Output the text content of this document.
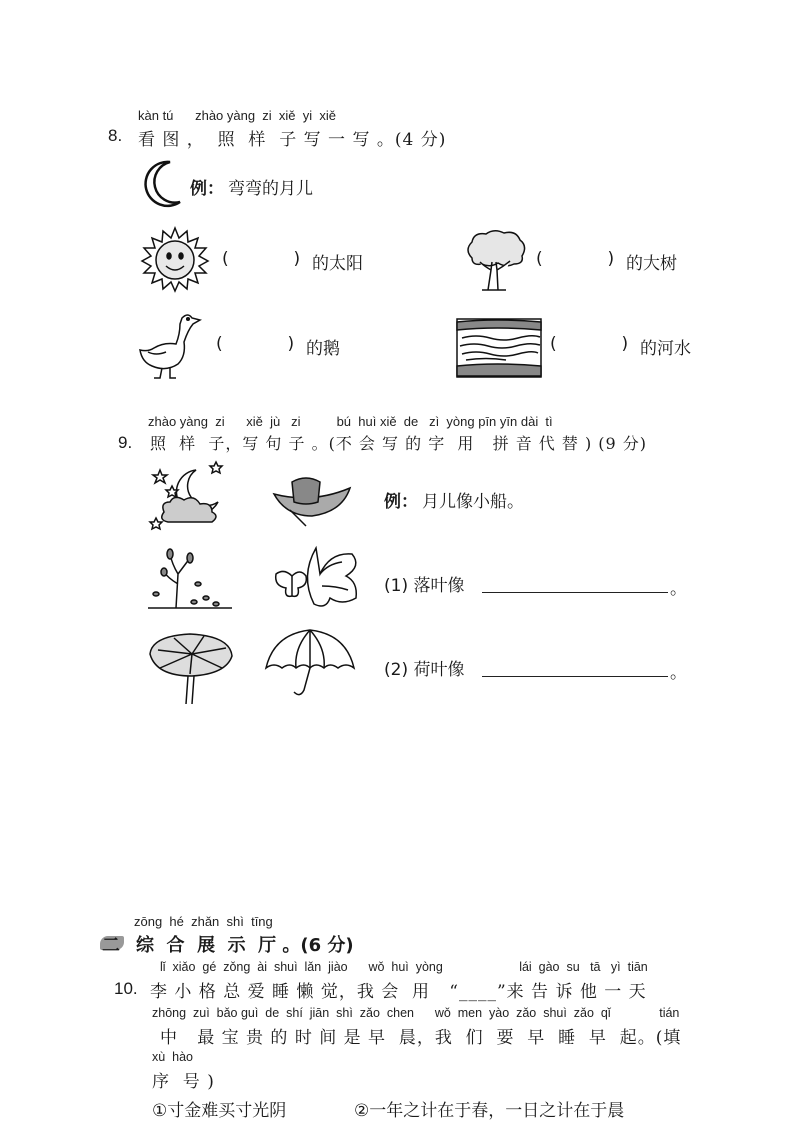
kàn tú      zhào yàng  zi  xiě  yi  xiě
8. 看 图 ，  照  样  子 写 一 写 。(4 分)
例： 弯弯的月儿
(            ) 的太阳	(            ) 的大树
(            ) 的鹅	(            ) 的河水
zhào yàng  zi      xiě  jù   zi          bú  huì xiě  de   zì  yòng pīn yīn dài  tì
9. 照  样  子，写 句 子 。(不 会 写 的 字  用   拼 音 代 替 ) (9 分)
例： 月儿像小船。
(1) 落叶像	。
(2) 荷叶像	。
zōng  hé  zhǎn  shì  tīng
二 综  合  展  示  厅 。(6 分)
lǐ  xiǎo  gé  zǒng  ài  shuì  lǎn  jiào      wǒ  huì  yòng                      lái  gào  su   tā   yì  tiān
10. 李 小 格 总 爱 睡 懒 觉，我 会  用   “____”来 告 诉 他 一 天
zhōng  zuì  bǎo guì  de  shí  jiān  shì  zǎo  chen      wǒ  men  yào  zǎo  shuì  zǎo  qǐ              tián
中   最 宝 贵 的 时 间 是 早  晨，我  们  要  早  睡  早  起。(填
xù  hào
序  号 )
①寸金难买寸光阴	②一年之计在于春，一日之计在于晨
